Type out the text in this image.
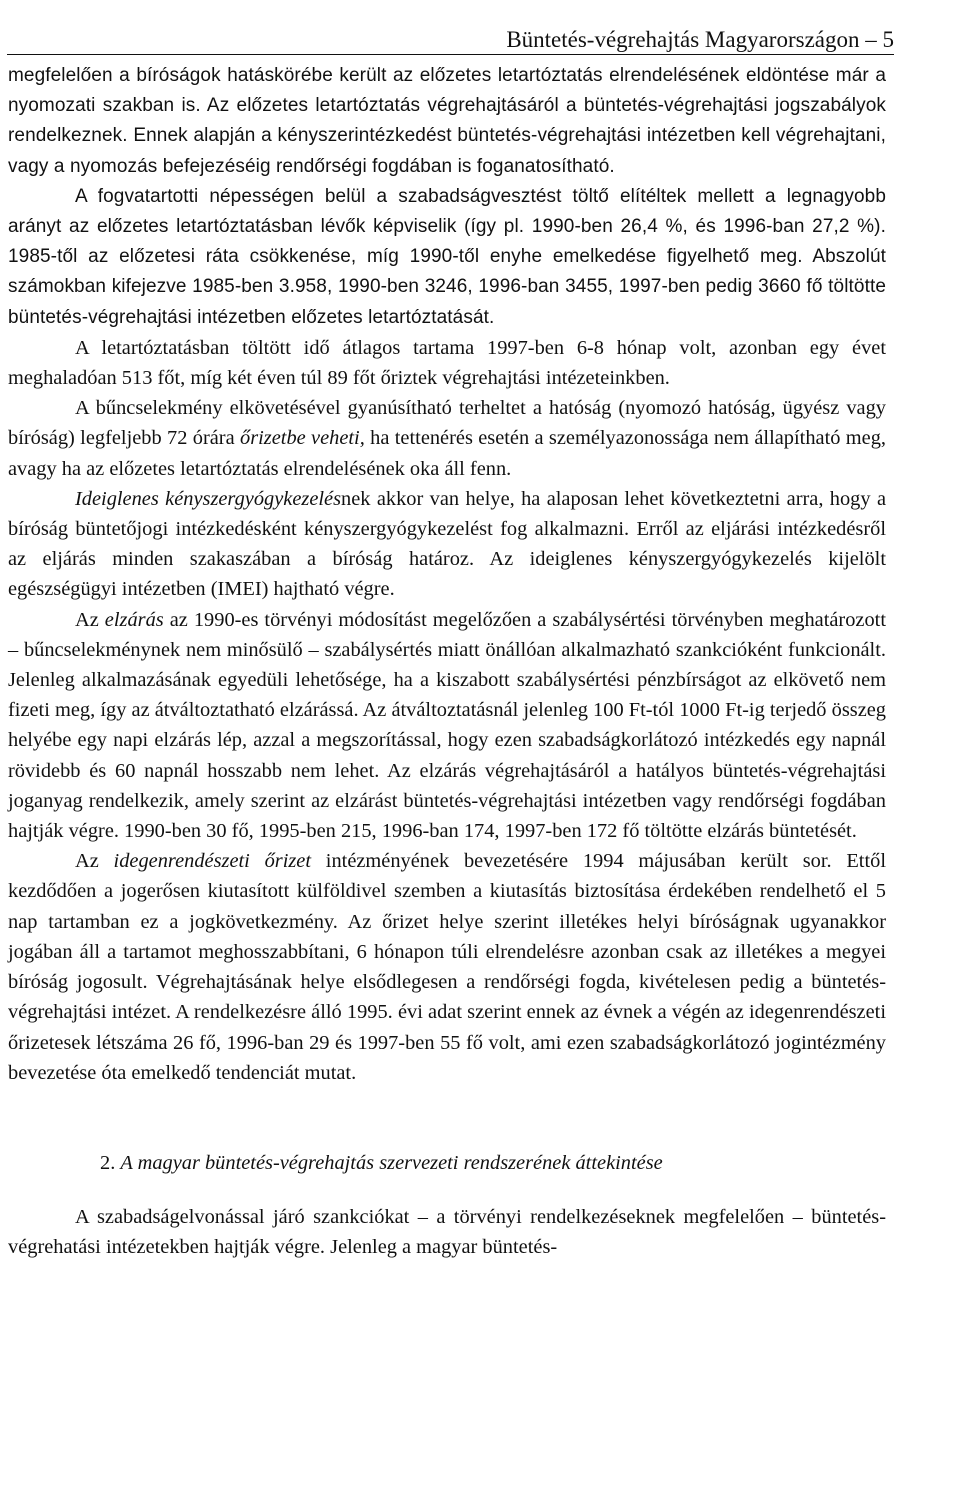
Büntetés-végrehajtás Magyarországon – 5

megfelelően a bíróságok hatáskörébe került az előzetes letartóztatás elrendelésének eldöntése már a nyomozati szakban is. Az előzetes letartóztatás végrehajtásáról a büntetés-végrehajtási jogszabályok rendelkeznek. Ennek alapján a kényszerintézkedést büntetés-végrehajtási intézetben kell végrehajtani, vagy a nyomozás befejezéséig rendőrségi fogdában is foganatosítható.

A fogvatartotti népességen belül a szabadságvesztést töltő elítéltek mellett a legnagyobb arányt az előzetes letartóztatásban lévők képviselik (így pl. 1990-ben 26,4 %, és 1996-ban 27,2 %). 1985-től az előzetesi ráta csökkenése, míg 1990-től enyhe emelkedése figyelhető meg. Abszolút számokban kifejezve 1985-ben 3.958, 1990-ben 3246, 1996-ban 3455, 1997-ben pedig 3660 fő töltötte büntetés-végrehajtási intézetben előzetes letartóztatását.

A letartóztatásban töltött idő átlagos tartama 1997-ben 6-8 hónap volt, azonban egy évet meghaladóan 513 főt, míg két éven túl 89 főt őriztek végrehajtási intézeteinkben.

A bűncselekmény elkövetésével gyanúsítható terheltet a hatóság (nyomozó hatóság, ügyész vagy bíróság) legfeljebb 72 órára őrizetbe veheti, ha tettenérés esetén a személyazonossága nem állapítható meg, avagy ha az előzetes letartóztatás elrendelésének oka áll fenn.

Ideiglenes kényszergyógykezelésnek akkor van helye, ha alaposan lehet következtetni arra, hogy a bíróság büntetőjogi intézkedésként kényszergyógykezelést fog alkalmazni. Erről az eljárási intézkedésről az eljárás minden szakaszában a bíróság határoz. Az ideiglenes kényszergyógykezelés kijelölt egészségügyi intézetben (IMEI) hajtható végre.

Az elzárás az 1990-es törvényi módosítást megelőzően a szabálysértési törvényben meghatározott – bűncselekménynek nem minősülő – szabálysértés miatt önállóan alkalmazható szankcióként funkcionált. Jelenleg alkalmazásának egyedüli lehetősége, ha a kiszabott szabálysértési pénzbírságot az elkövető nem fizeti meg, így az átváltoztatható elzárássá. Az átváltoztatásnál jelenleg 100 Ft-tól 1000 Ft-ig terjedő összeg helyébe egy napi elzárás lép, azzal a megszorítással, hogy ezen szabadságkorlátozó intézkedés egy napnál rövidebb és 60 napnál hosszabb nem lehet. Az elzárás végrehajtásáról a hatályos büntetés-végrehajtási joganyag rendelkezik, amely szerint az elzárást büntetés-végrehajtási intézetben vagy rendőrségi fogdában hajtják végre. 1990-ben 30 fő, 1995-ben 215, 1996-ban 174, 1997-ben 172 fő töltötte elzárás büntetését.

Az idegenrendészeti őrizet intézményének bevezetésére 1994 májusában került sor. Ettől kezdődően a jogerősen kiutasított külföldivel szemben a kiutasítás biztosítása érdekében rendelhető el 5 nap tartamban ez a jogkövetkezmény. Az őrizet helye szerint illetékes helyi bíróságnak ugyanakkor jogában áll a tartamot meghosszabbítani, 6 hónapon túli elrendelésre azonban csak az illetékes a megyei bíróság jogosult. Végrehajtásának helye elsődlegesen a rendőrségi fogda, kivételesen pedig a büntetés-végrehajtási intézet. A rendelkezésre álló 1995. évi adat szerint ennek az évnek a végén az idegenrendészeti őrizetesek létszáma 26 fő, 1996-ban 29 és 1997-ben 55 fő volt, ami ezen szabadságkorlátozó jogintézmény bevezetése óta emelkedő tendenciát mutat.

2. A magyar büntetés-végrehajtás szervezeti rendszerének áttekintése

A szabadságelvonással járó szankciókat – a törvényi rendelkezéseknek megfelelően – büntetés-végrehatási intézetekben hajtják végre. Jelenleg a magyar büntetés-
